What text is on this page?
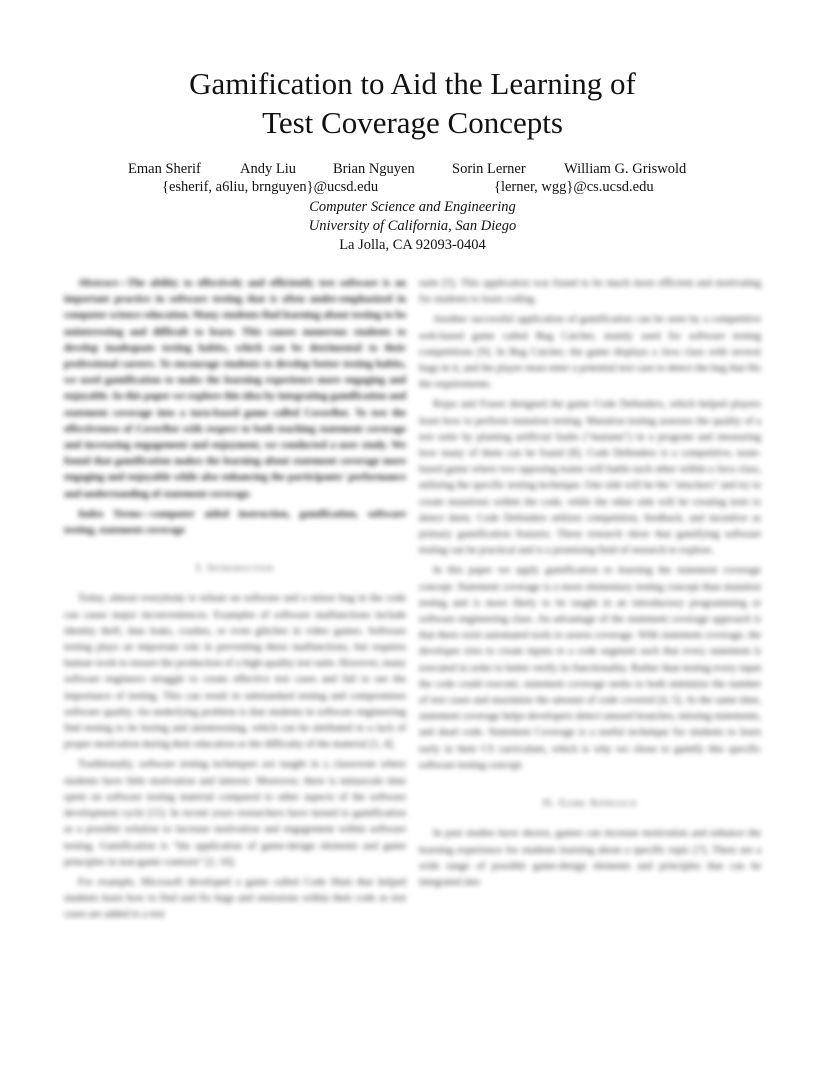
Gamification to Aid the Learning of
Test Coverage Concepts
Eman Sherif	Andy Liu	Brian Nguyen	Sorin Lerner	William G. Griswold
{esherif, a6liu, brnguyen}@ucsd.edu	{lerner, wgg}@cs.ucsd.edu
Computer Science and Engineering
University of California, San Diego
La Jolla, CA 92093-0404

Abstract—The ability to effectively and efficiently test software is an important practice in software testing that is often under-emphasized in computer science education. Many students find learning about testing to be uninteresting and difficult to learn. This causes numerous students to develop inadequate testing habits, which can be detrimental to their professional careers. To encourage students to develop better testing habits, we used gamification to make the learning experience more engaging and enjoyable. In this paper we explore this idea by integrating gamification and statement coverage into a turn-based game called CoverBot. To test the effectiveness of CoverBot with respect to both teaching statement coverage and increasing engagement and enjoyment, we conducted a user study. We found that gamification makes the learning about statement coverage more engaging and enjoyable while also enhancing the participants' performance and understanding of statement coverage.

Index Terms—computer aided instruction, gamification, software testing, statement coverage

I. Introduction

Today, almost everybody is reliant on software and a minor bug in the code can cause major inconveniences. Examples of software malfunctions include identity theft, data leaks, crashes, or even glitches in video games. Software testing plays an important role in preventing these malfunctions, but requires human work to ensure the production of a high-quality test suite. However, many software engineers struggle to create effective test cases and fail to see the importance of testing. This can result in substandard testing and compromises software quality. An underlying problem is that students in software engineering find testing to be boring and uninteresting, which can be attributed to a lack of proper motivation during their education or the difficulty of the material [1, 4].

Traditionally, software testing techniques are taught in a classroom where students have little motivation and interest. Moreover, there is minuscule time spent on software testing material compared to other aspects of the software development cycle [11]. In recent years researchers have turned to gamification as a possible solution to increase motivation and engagement within software testing. Gamification is "the application of game-design elements and game principles in non-game contexts" [2, 10].

For example, Microsoft developed a game called Code Hunt that helped students learn how to find and fix bugs and omissions within their code as test cases are added to a test

suite [5]. This application was found to be much more efficient and motivating for students to learn coding.

Another successful application of gamification can be seen by a competitive web-based game called Bug Catcher, mainly used for software testing competitions [9]. In Bug Catcher, the game displays a Java class with several bugs in it, and the player must enter a potential test case to detect the bug that fits the requirements.

Rojas and Fraser designed the game Code Defenders, which helped players learn how to perform mutation testing. Mutation testing assesses the quality of a test suite by planting artificial faults ("mutants") in a program and measuring how many of them can be found [8]. Code Defenders is a competitive, team-based game where two opposing teams will battle each other within a Java class, utilizing the specific testing technique. One side will be the "attackers" and try to create mutations within the code, while the other side will be creating tests to detect them. Code Defenders utilizes competition, feedback, and incentive as primary gamification features. These research show that gamifying software testing can be practical and is a promising field of research to explore.

In this paper we apply gamification to learning the statement coverage concept. Statement coverage is a more elementary testing concept than mutation testing and is more likely to be taught in an introductory programming or software engineering class. An advantage of the statement coverage approach is that there exist automated tools to assess coverage. With statement coverage, the developer tries to create inputs to a code segment such that every statement is executed in order to better verify its functionality. Rather than testing every input the code could execute, statement coverage seeks to both minimize the number of test cases and maximize the amount of code covered [4, 5]. At the same time, statement coverage helps developers detect unused branches, missing statements, and dead code. Statement Coverage is a useful technique for students to learn early in their CS curriculum, which is why we chose to gamify this specific software testing concept.

II. Game Approach

In past studies have shown, games can increase motivation and enhance the learning experience for students learning about a specific topic [7]. There are a wide range of possible game-design elements and principles that can be integrated into
